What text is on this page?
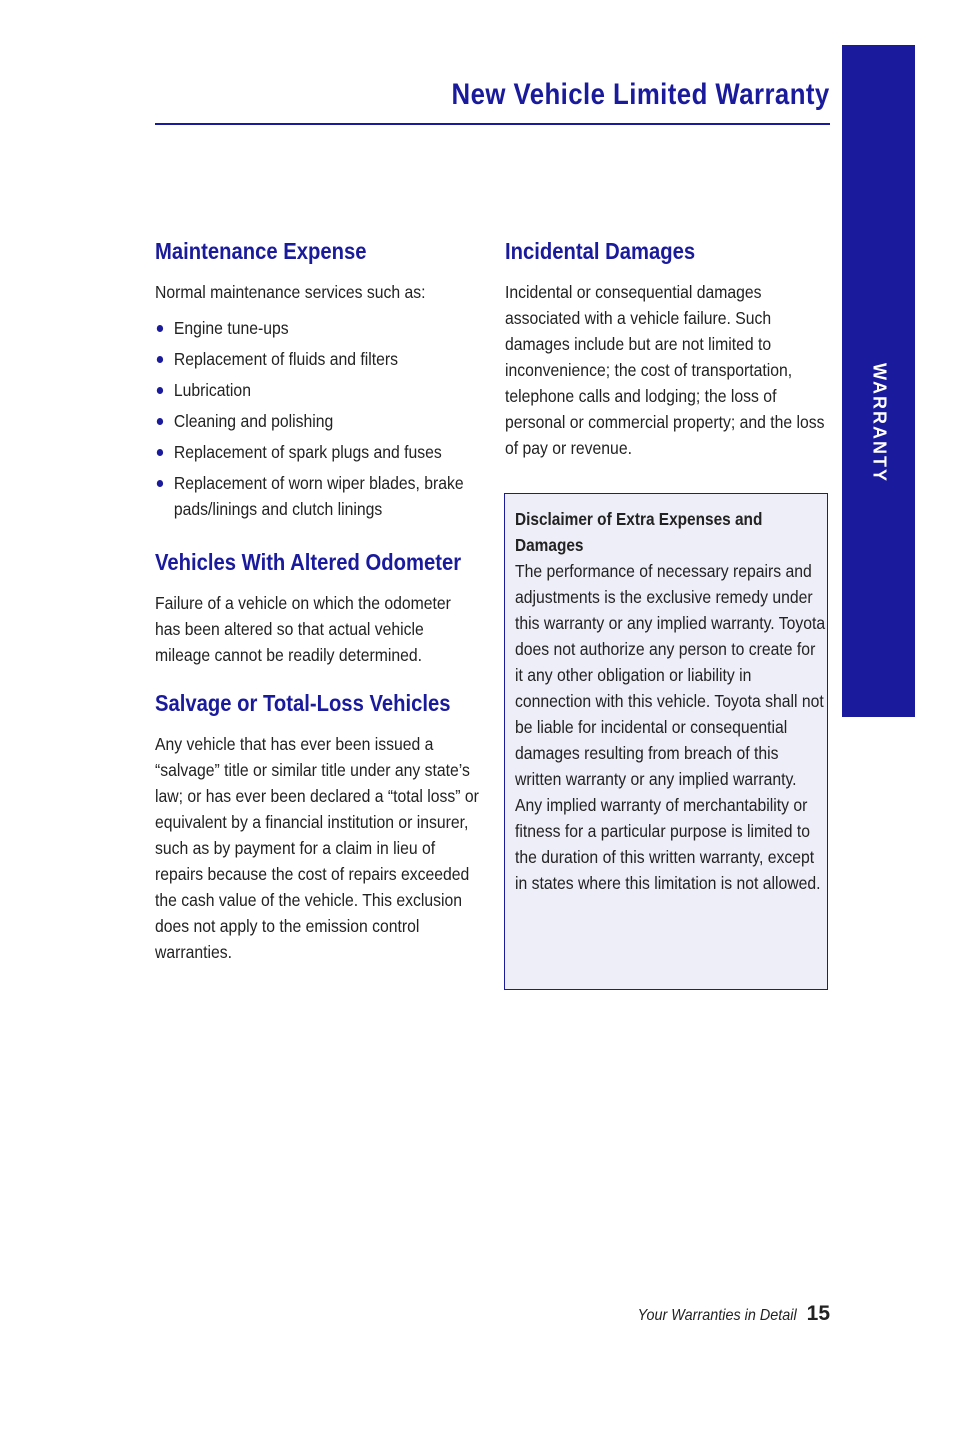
New Vehicle Limited Warranty
WARRANTY
Maintenance Expense

Normal maintenance services such as:

Engine tune-ups
Replacement of fluids and filters
Lubrication
Cleaning and polishing
Replacement of spark plugs and fuses
Replacement of worn wiper blades, brake pads/linings and clutch linings
Vehicles With Altered Odometer

Failure of a vehicle on which the odometer has been altered so that actual vehicle mileage cannot be readily determined.

Salvage or Total-Loss Vehicles

Any vehicle that has ever been issued a “salvage” title or similar title under any state’s law; or has ever been declared a “total loss” or equivalent by a financial institution or insurer, such as by payment for a claim in lieu of repairs because the cost of repairs exceeded the cash value of the vehicle. This exclusion does not apply to the emission control warranties.

Incidental Damages

Incidental or consequential damages associated with a vehicle failure. Such damages include but are not limited to inconvenience; the cost of transportation, telephone calls and lodging; the loss of personal or commercial property; and the loss of pay or revenue.

Disclaimer of Extra Expenses and Damages

The performance of necessary repairs and adjustments is the exclusive remedy under this warranty or any implied warranty. Toyota does not authorize any person to create for it any other obligation or liability in connection with this vehicle. Toyota shall not be liable for incidental or consequential damages resulting from breach of this written warranty or any implied warranty. Any implied warranty of merchantability or fitness for a particular purpose is limited to the duration of this written warranty, except in states where this limitation is not allowed.

Your Warranties in Detail 15
